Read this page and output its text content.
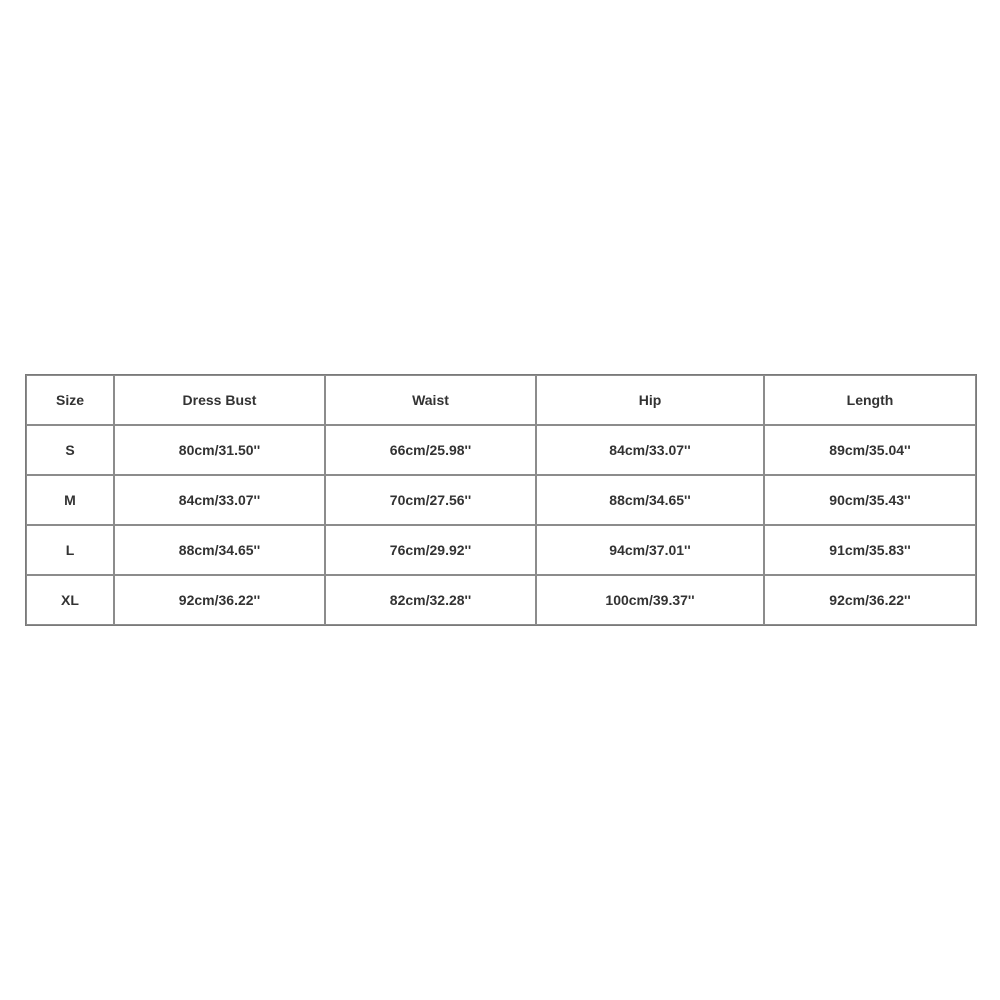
Size	Dress Bust	Waist	Hip	Length
S	80cm/31.50''	66cm/25.98''	84cm/33.07''	89cm/35.04''
M	84cm/33.07''	70cm/27.56''	88cm/34.65''	90cm/35.43''
L	88cm/34.65''	76cm/29.92''	94cm/37.01''	91cm/35.83''
XL	92cm/36.22''	82cm/32.28''	100cm/39.37''	92cm/36.22''
